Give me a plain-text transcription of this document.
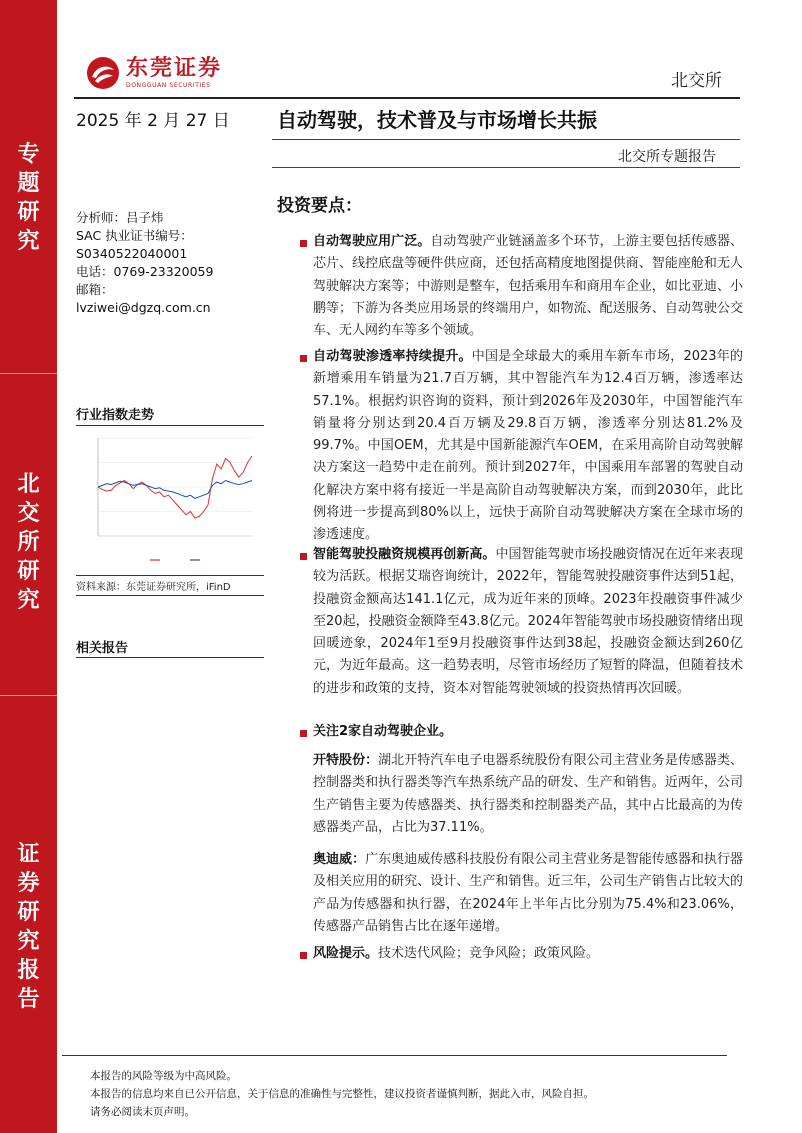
专
题
研
究
北
交
所
研
究
证
券
研
究
报
告
东莞证券
DONGGUAN SECURITIES	北交所
2025 年 2 月 27 日 自动驾驶，技术普及与市场增长共振
北交所专题报告
分析师：吕子炜
SAC 执业证书编号：
S0340522040001
电话：0769-23320059
邮箱：
lvziwei@dgzq.com.cn
行业指数走势
资料来源：东莞证券研究所，iFinD
相关报告
投资要点：
自动驾驶应用广泛。自动驾驶产业链涵盖多个环节，上游主要包括传感器、芯片、线控底盘等硬件供应商，还包括高精度地图提供商、智能座舱和无人驾驶解决方案等；中游则是整车，包括乘用车和商用车企业，如比亚迪、小鹏等；下游为各类应用场景的终端用户，如物流、配送服务、自动驾驶公交车、无人网约车等多个领域。
自动驾驶渗透率持续提升。中国是全球最大的乘用车新车市场，2023年的新增乘用车销量为21.7百万辆，其中智能汽车为12.4百万辆，渗透率达57.1%。根据灼识咨询的资料，预计到2026年及2030年，中国智能汽车销量将分别达到20.4百万辆及29.8百万辆，渗透率分别达81.2%及99.7%。中国OEM，尤其是中国新能源汽车OEM，在采用高阶自动驾驶解决方案这一趋势中走在前列。预计到2027年，中国乘用车部署的驾驶自动化解决方案中将有接近一半是高阶自动驾驶解决方案，而到2030年，此比例将进一步提高到80%以上，远快于高阶自动驾驶解决方案在全球市场的渗透速度。
智能驾驶投融资规模再创新高。中国智能驾驶市场投融资情况在近年来表现较为活跃。根据艾瑞咨询统计，2022年，智能驾驶投融资事件达到51起，投融资金额高达141.1亿元，成为近年来的顶峰。2023年投融资事件减少至20起，投融资金额降至43.8亿元。2024年智能驾驶市场投融资情绪出现回暖迹象，2024年1至9月投融资事件达到38起，投融资金额达到260亿元，为近年最高。这一趋势表明，尽管市场经历了短暂的降温，但随着技术的进步和政策的支持，资本对智能驾驶领域的投资热情再次回暖。
关注2家自动驾驶企业。
开特股份：湖北开特汽车电子电器系统股份有限公司主营业务是传感器类、控制器类和执行器类等汽车热系统产品的研发、生产和销售。近两年，公司生产销售主要为传感器类、执行器类和控制器类产品，其中占比最高的为传感器类产品，占比为37.11%。
奥迪威：广东奥迪威传感科技股份有限公司主营业务是智能传感器和执行器及相关应用的研究、设计、生产和销售。近三年，公司生产销售占比较大的产品为传感器和执行器，在2024年上半年占比分别为75.4%和23.06%，传感器产品销售占比在逐年递增。
风险提示。技术迭代风险；竞争风险；政策风险。
本报告的风险等级为中高风险。
本报告的信息均来自已公开信息，关于信息的准确性与完整性，建议投资者谨慎判断，据此入市，风险自担。
请务必阅读末页声明。
